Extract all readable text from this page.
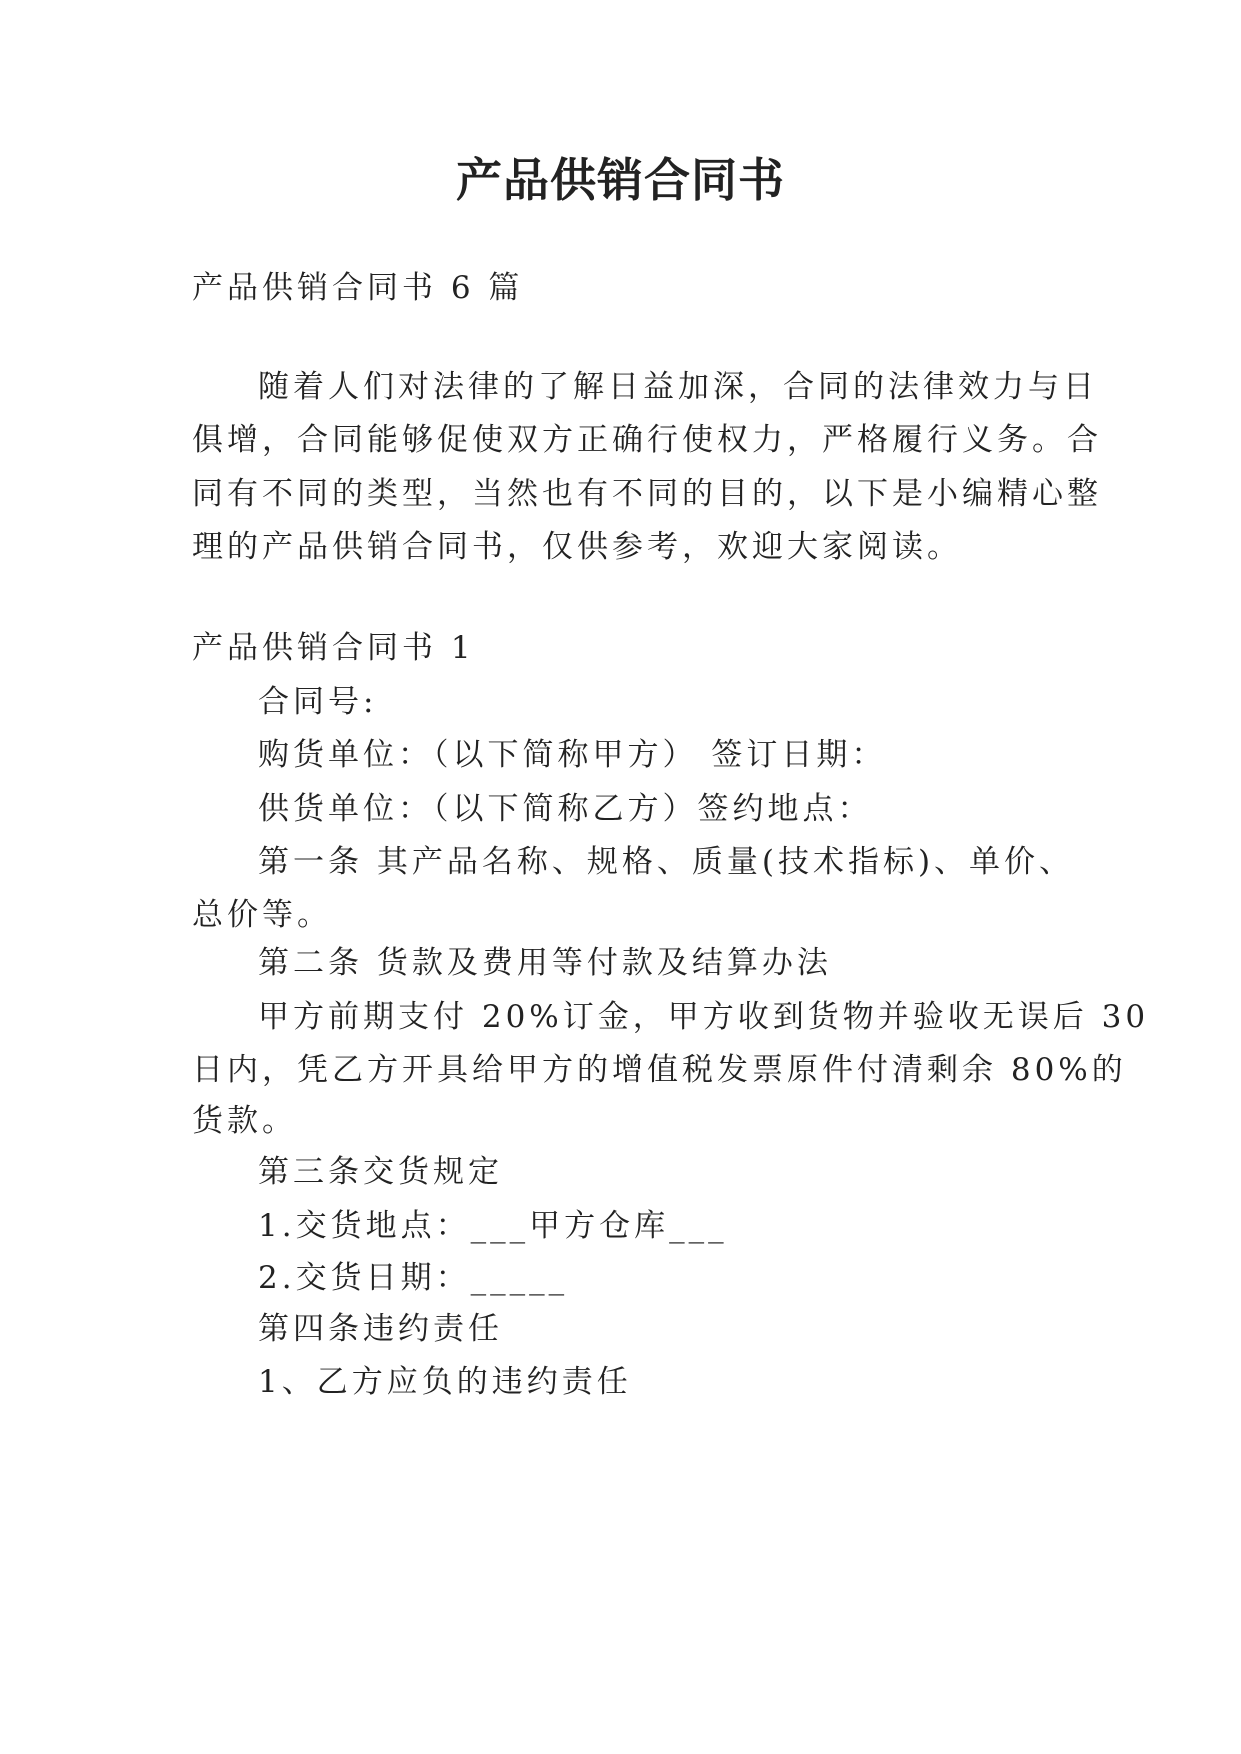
产品供销合同书
产品供销合同书 6 篇
随着人们对法律的了解日益加深，合同的法律效力与日
俱增，合同能够促使双方正确行使权力，严格履行义务。合
同有不同的类型，当然也有不同的目的，以下是小编精心整
理的产品供销合同书，仅供参考，欢迎大家阅读。
产品供销合同书 1
合同号:
购货单位：（以下简称甲方） 签订日期：
供货单位：（以下简称乙方）签约地点：
第一条 其产品名称、规格、质量(技术指标)、单价、
总价等。
第二条 货款及费用等付款及结算办法
甲方前期支付 20%订金，甲方收到货物并验收无误后 30
日内，凭乙方开具给甲方的增值税发票原件付清剩余 80%的
货款。
第三条交货规定
1.交货地点：___甲方仓库___
2.交货日期：_____
第四条违约责任
1、乙方应负的违约责任
